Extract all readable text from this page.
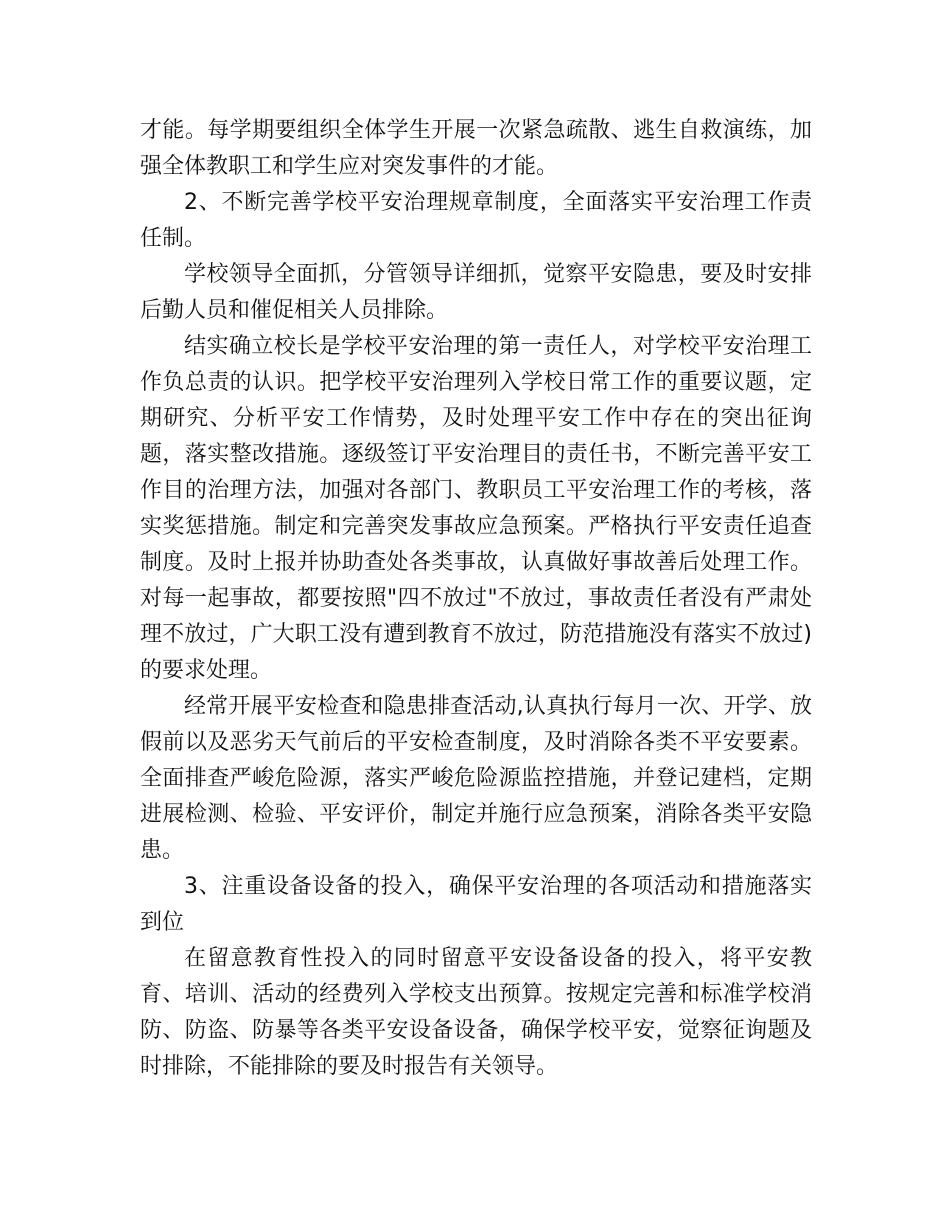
才能。每学期要组织全体学生开展一次紧急疏散、逃生自救演练，加强全体教职工和学生应对突发事件的才能。

2、不断完善学校平安治理规章制度，全面落实平安治理工作责任制。

学校领导全面抓，分管领导详细抓，觉察平安隐患，要及时安排后勤人员和催促相关人员排除。

结实确立校长是学校平安治理的第一责任人，对学校平安治理工作负总责的认识。把学校平安治理列入学校日常工作的重要议题，定期研究、分析平安工作情势，及时处理平安工作中存在的突出征询题，落实整改措施。逐级签订平安治理目的责任书，不断完善平安工作目的治理方法，加强对各部门、教职员工平安治理工作的考核，落实奖惩措施。制定和完善突发事故应急预案。严格执行平安责任追查制度。及时上报并协助查处各类事故，认真做好事故善后处理工作。对每一起事故，都要按照"四不放过"不放过，事故责任者没有严肃处理不放过，广大职工没有遭到教育不放过，防范措施没有落实不放过)的要求处理。

经常开展平安检查和隐患排查活动,认真执行每月一次、开学、放假前以及恶劣天气前后的平安检查制度，及时消除各类不平安要素。全面排查严峻危险源，落实严峻危险源监控措施，并登记建档，定期进展检测、检验、平安评价，制定并施行应急预案，消除各类平安隐患。

3、注重设备设备的投入，确保平安治理的各项活动和措施落实到位

在留意教育性投入的同时留意平安设备设备的投入，将平安教育、培训、活动的经费列入学校支出预算。按规定完善和标准学校消防、防盗、防暴等各类平安设备设备，确保学校平安，觉察征询题及时排除，不能排除的要及时报告有关领导。
